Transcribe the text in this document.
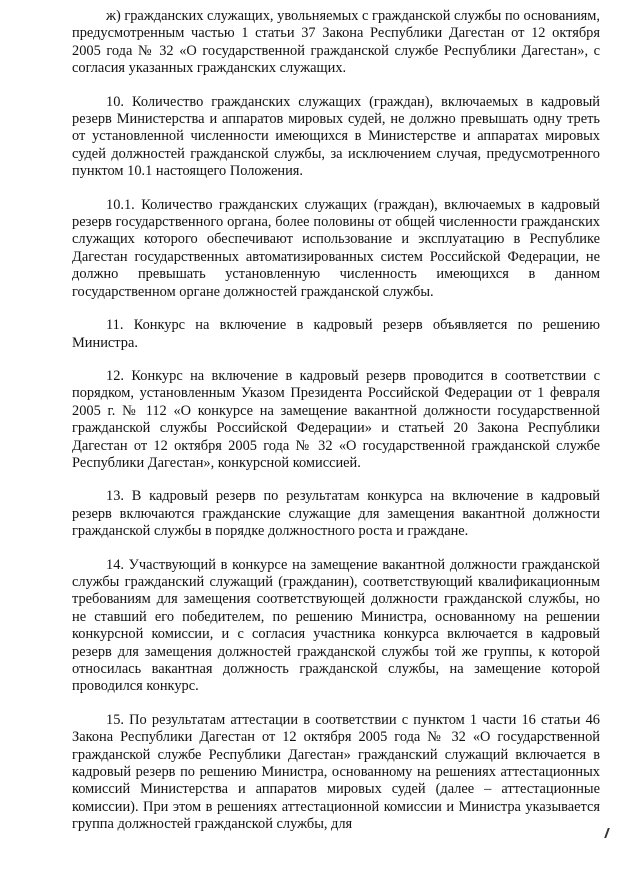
ж) гражданских служащих, увольняемых с гражданской службы по основаниям, предусмотренным частью 1 статьи 37 Закона Республики Дагестан от 12 октября 2005 года № 32 «О государственной гражданской службе Республики Дагестан», с согласия указанных гражданских служащих.

10. Количество гражданских служащих (граждан), включаемых в кадровый резерв Министерства и аппаратов мировых судей, не должно превышать одну треть от установленной численности имеющихся в Министерстве и аппаратах мировых судей должностей гражданской службы, за исключением случая, предусмотренного пунктом 10.1 настоящего Положения.

10.1. Количество гражданских служащих (граждан), включаемых в кадровый резерв государственного органа, более половины от общей численности гражданских служащих которого обеспечивают использование и эксплуатацию в Республике Дагестан государственных автоматизированных систем Российской Федерации, не должно превышать установленную численность имеющихся в данном государственном органе должностей гражданской службы.

11. Конкурс на включение в кадровый резерв объявляется по решению Министра.

12. Конкурс на включение в кадровый резерв проводится в соответствии с порядком, установленным Указом Президента Российской Федерации от 1 февраля 2005 г. № 112 «О конкурсе на замещение вакантной должности государственной гражданской службы Российской Федерации» и статьей 20 Закона Республики Дагестан от 12 октября 2005 года № 32 «О государственной гражданской службе Республики Дагестан», конкурсной комиссией.

13. В кадровый резерв по результатам конкурса на включение в кадровый резерв включаются гражданские служащие для замещения вакантной должности гражданской службы в порядке должностного роста и граждане.

14. Участвующий в конкурсе на замещение вакантной должности гражданской службы гражданский служащий (гражданин), соответствующий квалификационным требованиям для замещения соответствующей должности гражданской службы, но не ставший его победителем, по решению Министра, основанному на решении конкурсной комиссии, и с согласия участника конкурса включается в кадровый резерв для замещения должностей гражданской службы той же группы, к которой относилась вакантная должность гражданской службы, на замещение которой проводился конкурс.

15. По результатам аттестации в соответствии с пунктом 1 части 16 статьи 46 Закона Республики Дагестан от 12 октября 2005 года № 32 «О государственной гражданской службе Республики Дагестан» гражданский служащий включается в кадровый резерв по решению Министра, основанному на решениях аттестационных комиссий Министерства и аппаратов мировых судей (далее – аттестационные комиссии). При этом в решениях аттестационной комиссии и Министра указывается группа должностей гражданской службы, для
